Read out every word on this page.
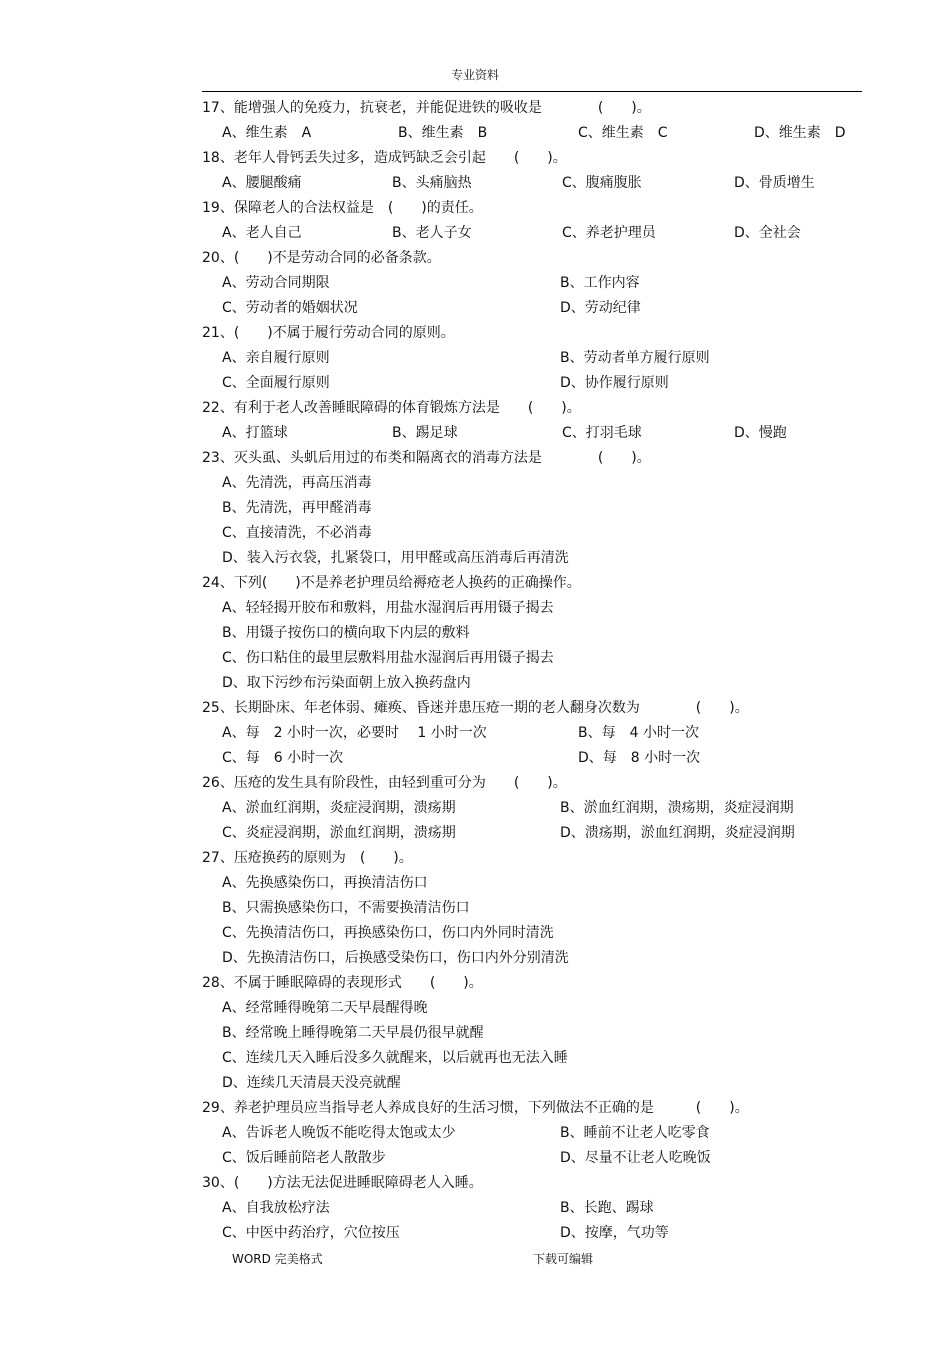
专业资料
17、能增强人的免疫力，抗衰老，并能促进铁的吸收是　　　　(　　)。
A、维生素　A	B、维生素　B	C、维生素　C	D、维生素　D
18、老年人骨钙丢失过多，造成钙缺乏会引起　　(　　)。
A、腰腿酸痛	B、头痛脑热	C、腹痛腹胀	D、骨质增生
19、保障老人的合法权益是　(　　)的责任。
A、老人自己	B、老人子女	C、养老护理员	D、全社会
20、(　　)不是劳动合同的必备条款。
A、劳动合同期限	B、工作内容
C、劳动者的婚姻状况	D、劳动纪律
21、(　　)不属于履行劳动合同的原则。
A、亲自履行原则	B、劳动者单方履行原则
C、全面履行原则	D、协作履行原则
22、有利于老人改善睡眠障碍的体育锻炼方法是　　(　　)。
A、打篮球	B、踢足球	C、打羽毛球	D、慢跑
23、灭头虱、头虮后用过的布类和隔离衣的消毒方法是　　　　(　　)。
A、先清洗，再高压消毒
B、先清洗，再甲醛消毒
C、直接清洗，不必消毒
D、装入污衣袋，扎紧袋口，用甲醛或高压消毒后再清洗
24、下列(　　)不是养老护理员给褥疮老人换药的正确操作。
A、轻轻揭开胶布和敷料，用盐水湿润后再用镊子揭去
B、用镊子按伤口的横向取下内层的敷料
C、伤口粘住的最里层敷料用盐水湿润后再用镊子揭去
D、取下污纱布污染面朝上放入换药盘内
25、长期卧床、年老体弱、瘫痪、昏迷并患压疮一期的老人翻身次数为　　　　(　　)。
A、每　2 小时一次，必要时　 1 小时一次	B、每　4 小时一次
C、每　6 小时一次	D、每　8 小时一次
26、压疮的发生具有阶段性，由轻到重可分为　　(　　)。
A、淤血红润期，炎症浸润期，溃疡期	B、淤血红润期，溃疡期，炎症浸润期
C、炎症浸润期，淤血红润期，溃疡期	D、溃疡期，淤血红润期，炎症浸润期
27、压疮换药的原则为　(　　)。
A、先换感染伤口，再换清洁伤口
B、只需换感染伤口，不需要换清洁伤口
C、先换清洁伤口，再换感染伤口，伤口内外同时清洗
D、先换清洁伤口，后换感受染伤口，伤口内外分别清洗
28、不属于睡眠障碍的表现形式　　(　　)。
A、经常睡得晚第二天早晨醒得晚
B、经常晚上睡得晚第二天早晨仍很早就醒
C、连续几天入睡后没多久就醒来，以后就再也无法入睡
D、连续几天清晨天没亮就醒
29、养老护理员应当指导老人养成良好的生活习惯，下列做法不正确的是　　　(　　)。
A、告诉老人晚饭不能吃得太饱或太少	B、睡前不让老人吃零食
C、饭后睡前陪老人散散步	D、尽量不让老人吃晚饭
30、(　　)方法无法促进睡眠障碍老人入睡。
A、自我放松疗法	B、长跑、踢球
C、中医中药治疗，穴位按压	D、按摩，气功等
WORD 完美格式	下载可编辑
